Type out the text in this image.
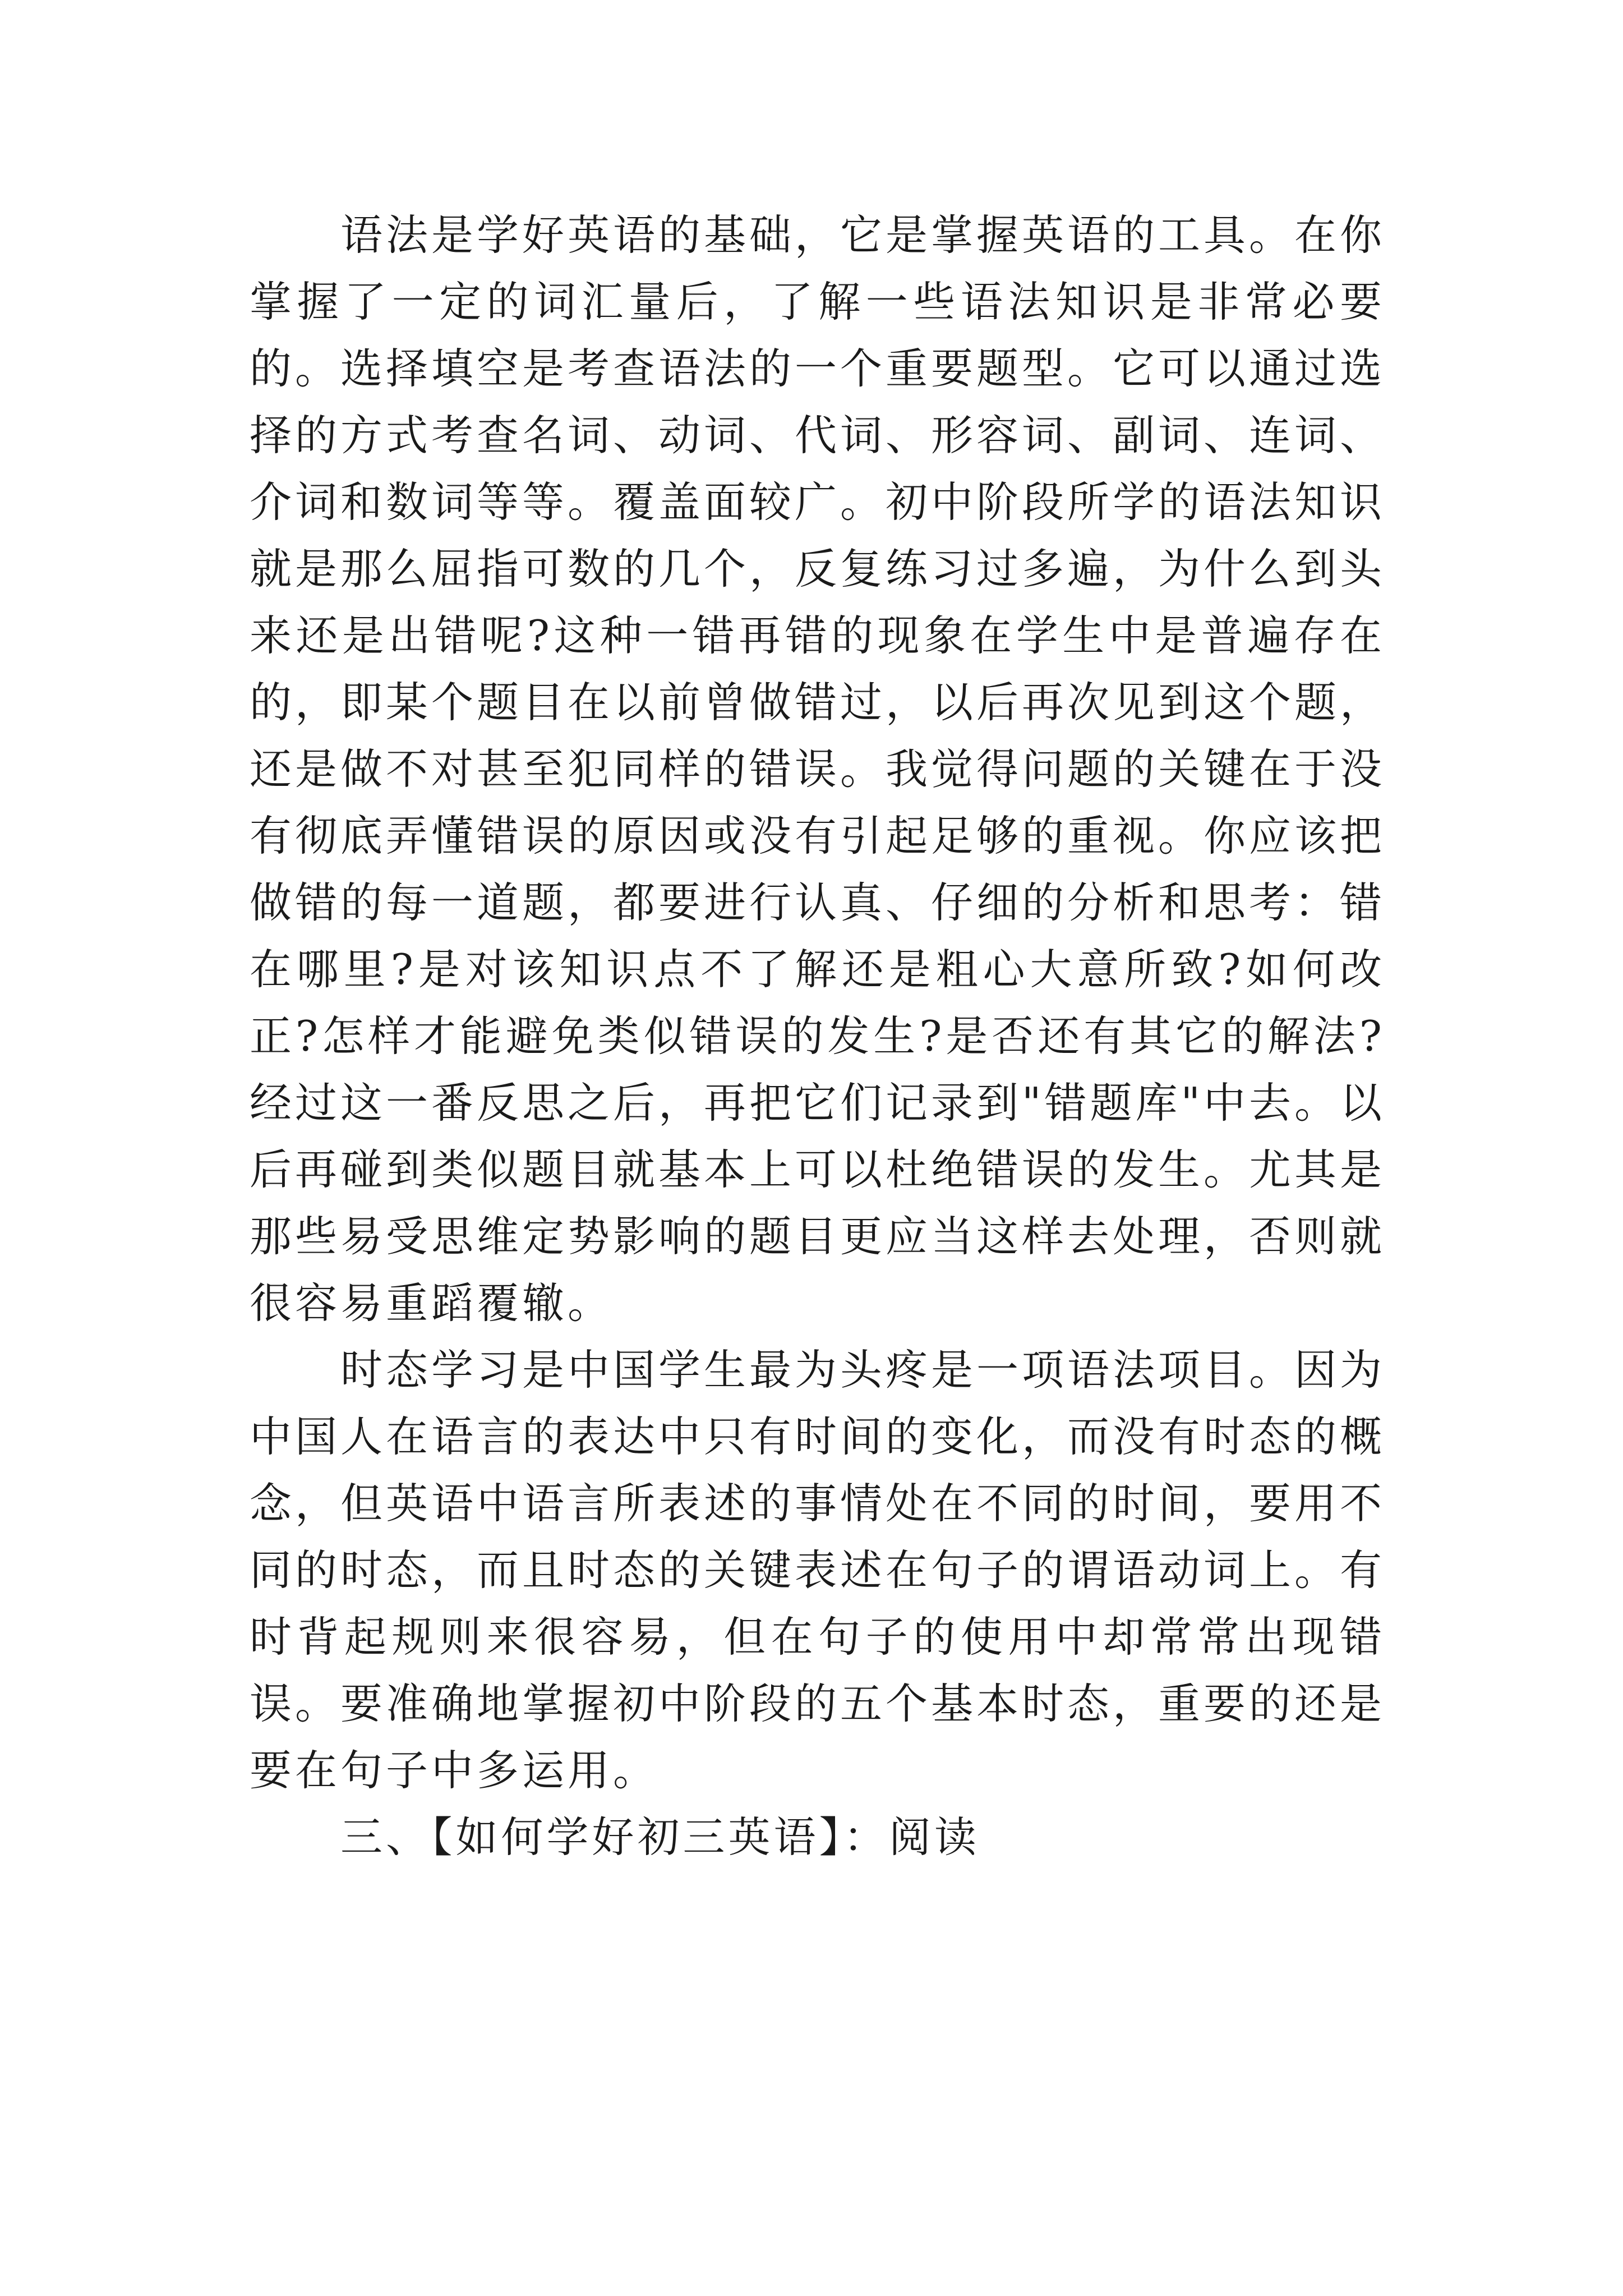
语法是学好英语的基础，它是掌握英语的工具。在你掌握了一定的词汇量后，了解一些语法知识是非常必要的。选择填空是考查语法的一个重要题型。它可以通过选择的方式考查名词、动词、代词、形容词、副词、连词、介词和数词等等。覆盖面较广。初中阶段所学的语法知识就是那么屈指可数的几个，反复练习过多遍，为什么到头来还是出错呢?这种一错再错的现象在学生中是普遍存在的，即某个题目在以前曾做错过，以后再次见到这个题，还是做不对甚至犯同样的错误。我觉得问题的关键在于没有彻底弄懂错误的原因或没有引起足够的重视。你应该把做错的每一道题，都要进行认真、仔细的分析和思考：错在哪里?是对该知识点不了解还是粗心大意所致?如何改正?怎样才能避免类似错误的发生?是否还有其它的解法?经过这一番反思之后，再把它们记录到"错题库"中去。以后再碰到类似题目就基本上可以杜绝错误的发生。尤其是那些易受思维定势影响的题目更应当这样去处理，否则就很容易重蹈覆辙。

时态学习是中国学生最为头疼是一项语法项目。因为中国人在语言的表达中只有时间的变化，而没有时态的概念，但英语中语言所表述的事情处在不同的时间，要用不同的时态，而且时态的关键表述在句子的谓语动词上。有时背起规则来很容易，但在句子的使用中却常常出现错误。要准确地掌握初中阶段的五个基本时态，重要的还是要在句子中多运用。

三、【如何学好初三英语】：阅读
